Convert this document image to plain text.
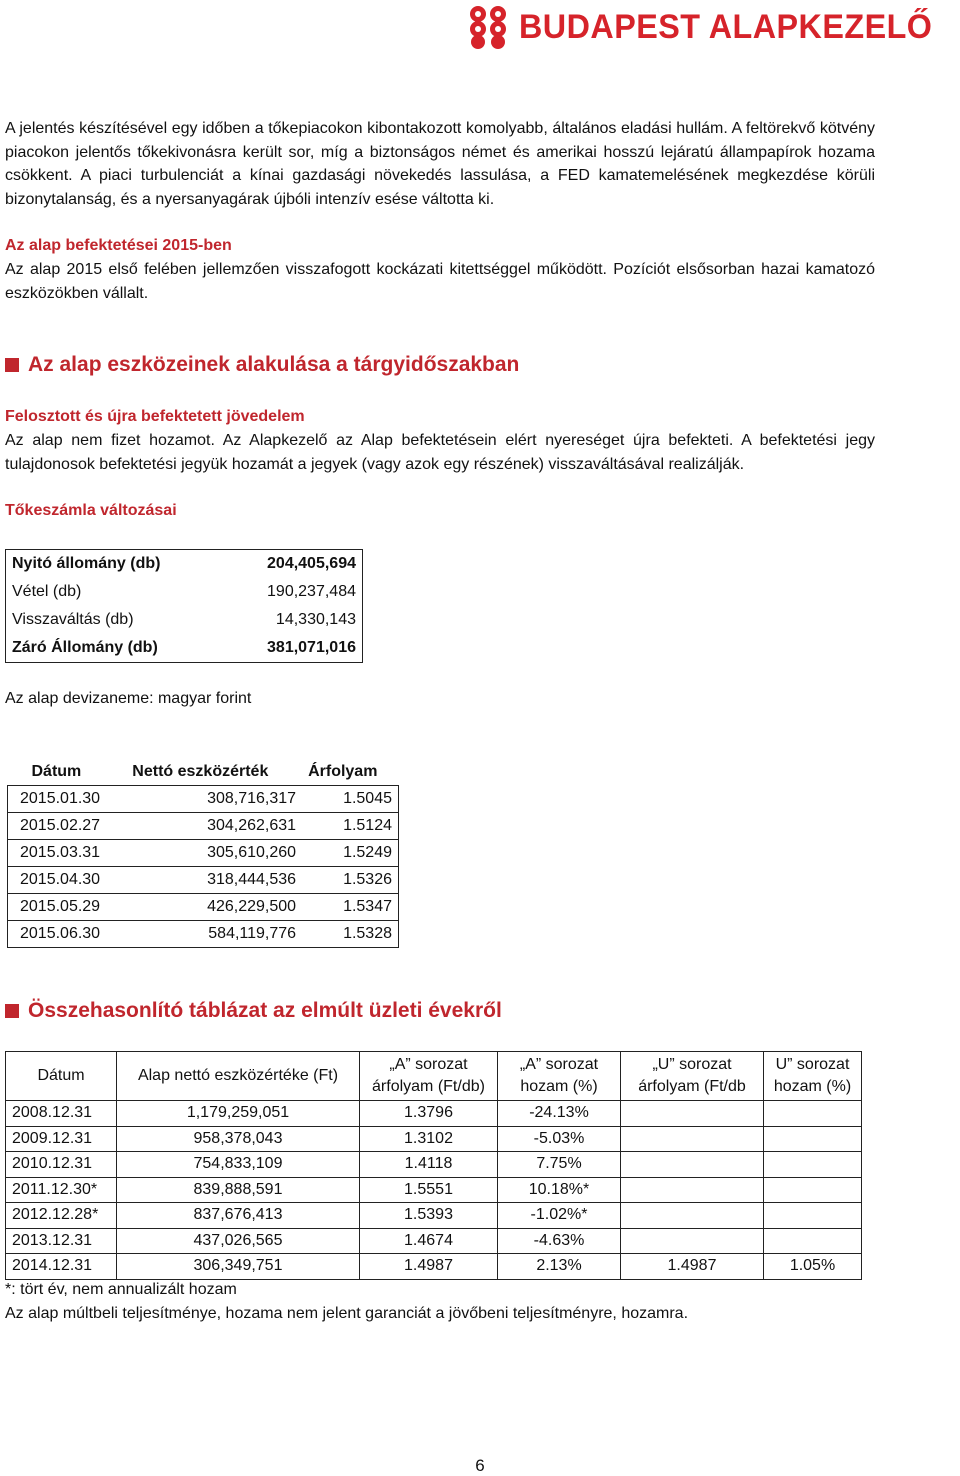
BUDAPEST ALAPKEZELŐ
A jelentés készítésével egy időben a tőkepiacokon kibontakozott komolyabb, általános eladási hullám. A feltörekvő kötvény piacokon jelentős tőkekivonásra került sor, míg a biztonságos német és amerikai hosszú lejáratú állampapírok hozama csökkent. A piaci turbulenciát a kínai gazdasági növekedés lassulása, a FED kamatemelésének megkezdése körüli bizonytalanság, és a nyersanyagárak újbóli intenzív esése váltotta ki.
Az alap befektetései 2015-ben
Az alap 2015 első felében jellemzően visszafogott kockázati kitettséggel működött. Pozíciót elsősorban hazai kamatozó eszközökben vállalt.
Az alap eszközeinek alakulása a tárgyidőszakban
Felosztott és újra befektetett jövedelem
Az alap nem fizet hozamot. Az Alapkezelő az Alap befektetésein elért nyereséget újra befekteti. A befektetési jegy tulajdonosok befektetési jegyük hozamát a jegyek (vagy azok egy részének) visszaváltásával realizálják.
Tőkeszámla változásai
Nyitó állomány (db)	204,405,694
Vétel (db)	190,237,484
Visszaváltás (db)	14,330,143
Záró Állomány (db)	381,071,016
Az alap devizaneme: magyar forint
Dátum	Nettó eszközérték	Árfolyam
2015.01.30	308,716,317	1.5045
2015.02.27	304,262,631	1.5124
2015.03.31	305,610,260	1.5249
2015.04.30	318,444,536	1.5326
2015.05.29	426,229,500	1.5347
2015.06.30	584,119,776	1.5328
Összehasonlító táblázat az elmúlt üzleti évekről
Dátum	Alap nettó eszközértéke (Ft)	„A” sorozat árfolyam (Ft/db)	„A” sorozat hozam (%)	„U” sorozat árfolyam (Ft/db	U” sorozat hozam (%)
2008.12.31	1,179,259,051	1.3796	-24.13%		
2009.12.31	958,378,043	1.3102	-5.03%		
2010.12.31	754,833,109	1.4118	7.75%		
2011.12.30*	839,888,591	1.5551	10.18%*		
2012.12.28*	837,676,413	1.5393	-1.02%*		
2013.12.31	437,026,565	1.4674	-4.63%		
2014.12.31	306,349,751	1.4987	2.13%	1.4987	1.05%
*: tört év, nem annualizált hozam
Az alap múltbeli teljesítménye, hozama nem jelent garanciát a jövőbeni teljesítményre, hozamra.
6
